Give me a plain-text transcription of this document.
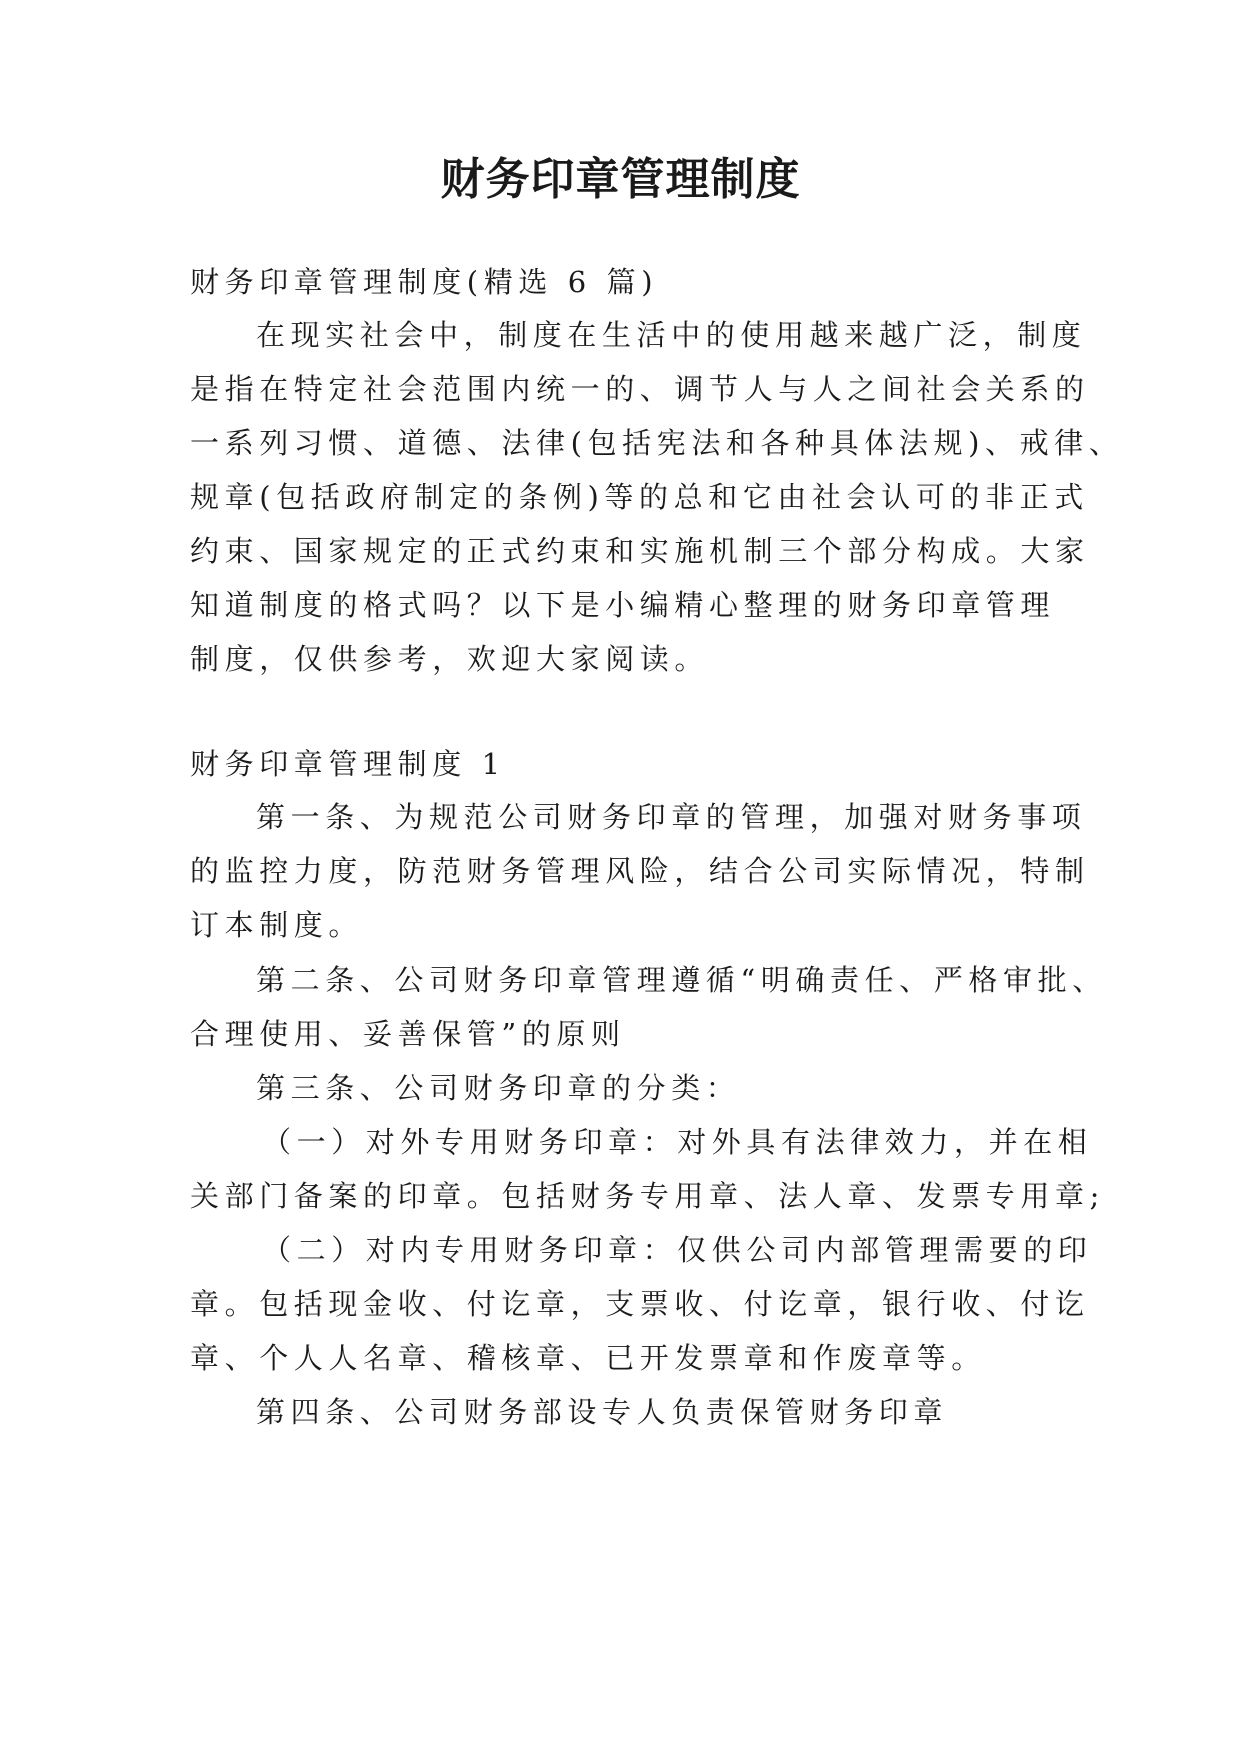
财务印章管理制度
财务印章管理制度(精选 6 篇)
在现实社会中，制度在生活中的使用越来越广泛，制度
是指在特定社会范围内统一的、调节人与人之间社会关系的
一系列习惯、道德、法律(包括宪法和各种具体法规)、戒律、
规章(包括政府制定的条例)等的总和它由社会认可的非正式
约束、国家规定的正式约束和实施机制三个部分构成。大家
知道制度的格式吗？以下是小编精心整理的财务印章管理
制度，仅供参考，欢迎大家阅读。
财务印章管理制度 1
第一条、为规范公司财务印章的管理，加强对财务事项
的监控力度，防范财务管理风险，结合公司实际情况，特制
订本制度。
第二条、公司财务印章管理遵循“明确责任、严格审批、
合理使用、妥善保管”的原则
第三条、公司财务印章的分类：
（一）对外专用财务印章：对外具有法律效力，并在相
关部门备案的印章。包括财务专用章、法人章、发票专用章;
（二）对内专用财务印章：仅供公司内部管理需要的印
章。包括现金收、付讫章，支票收、付讫章，银行收、付讫
章、个人人名章、稽核章、已开发票章和作废章等。
第四条、公司财务部设专人负责保管财务印章
